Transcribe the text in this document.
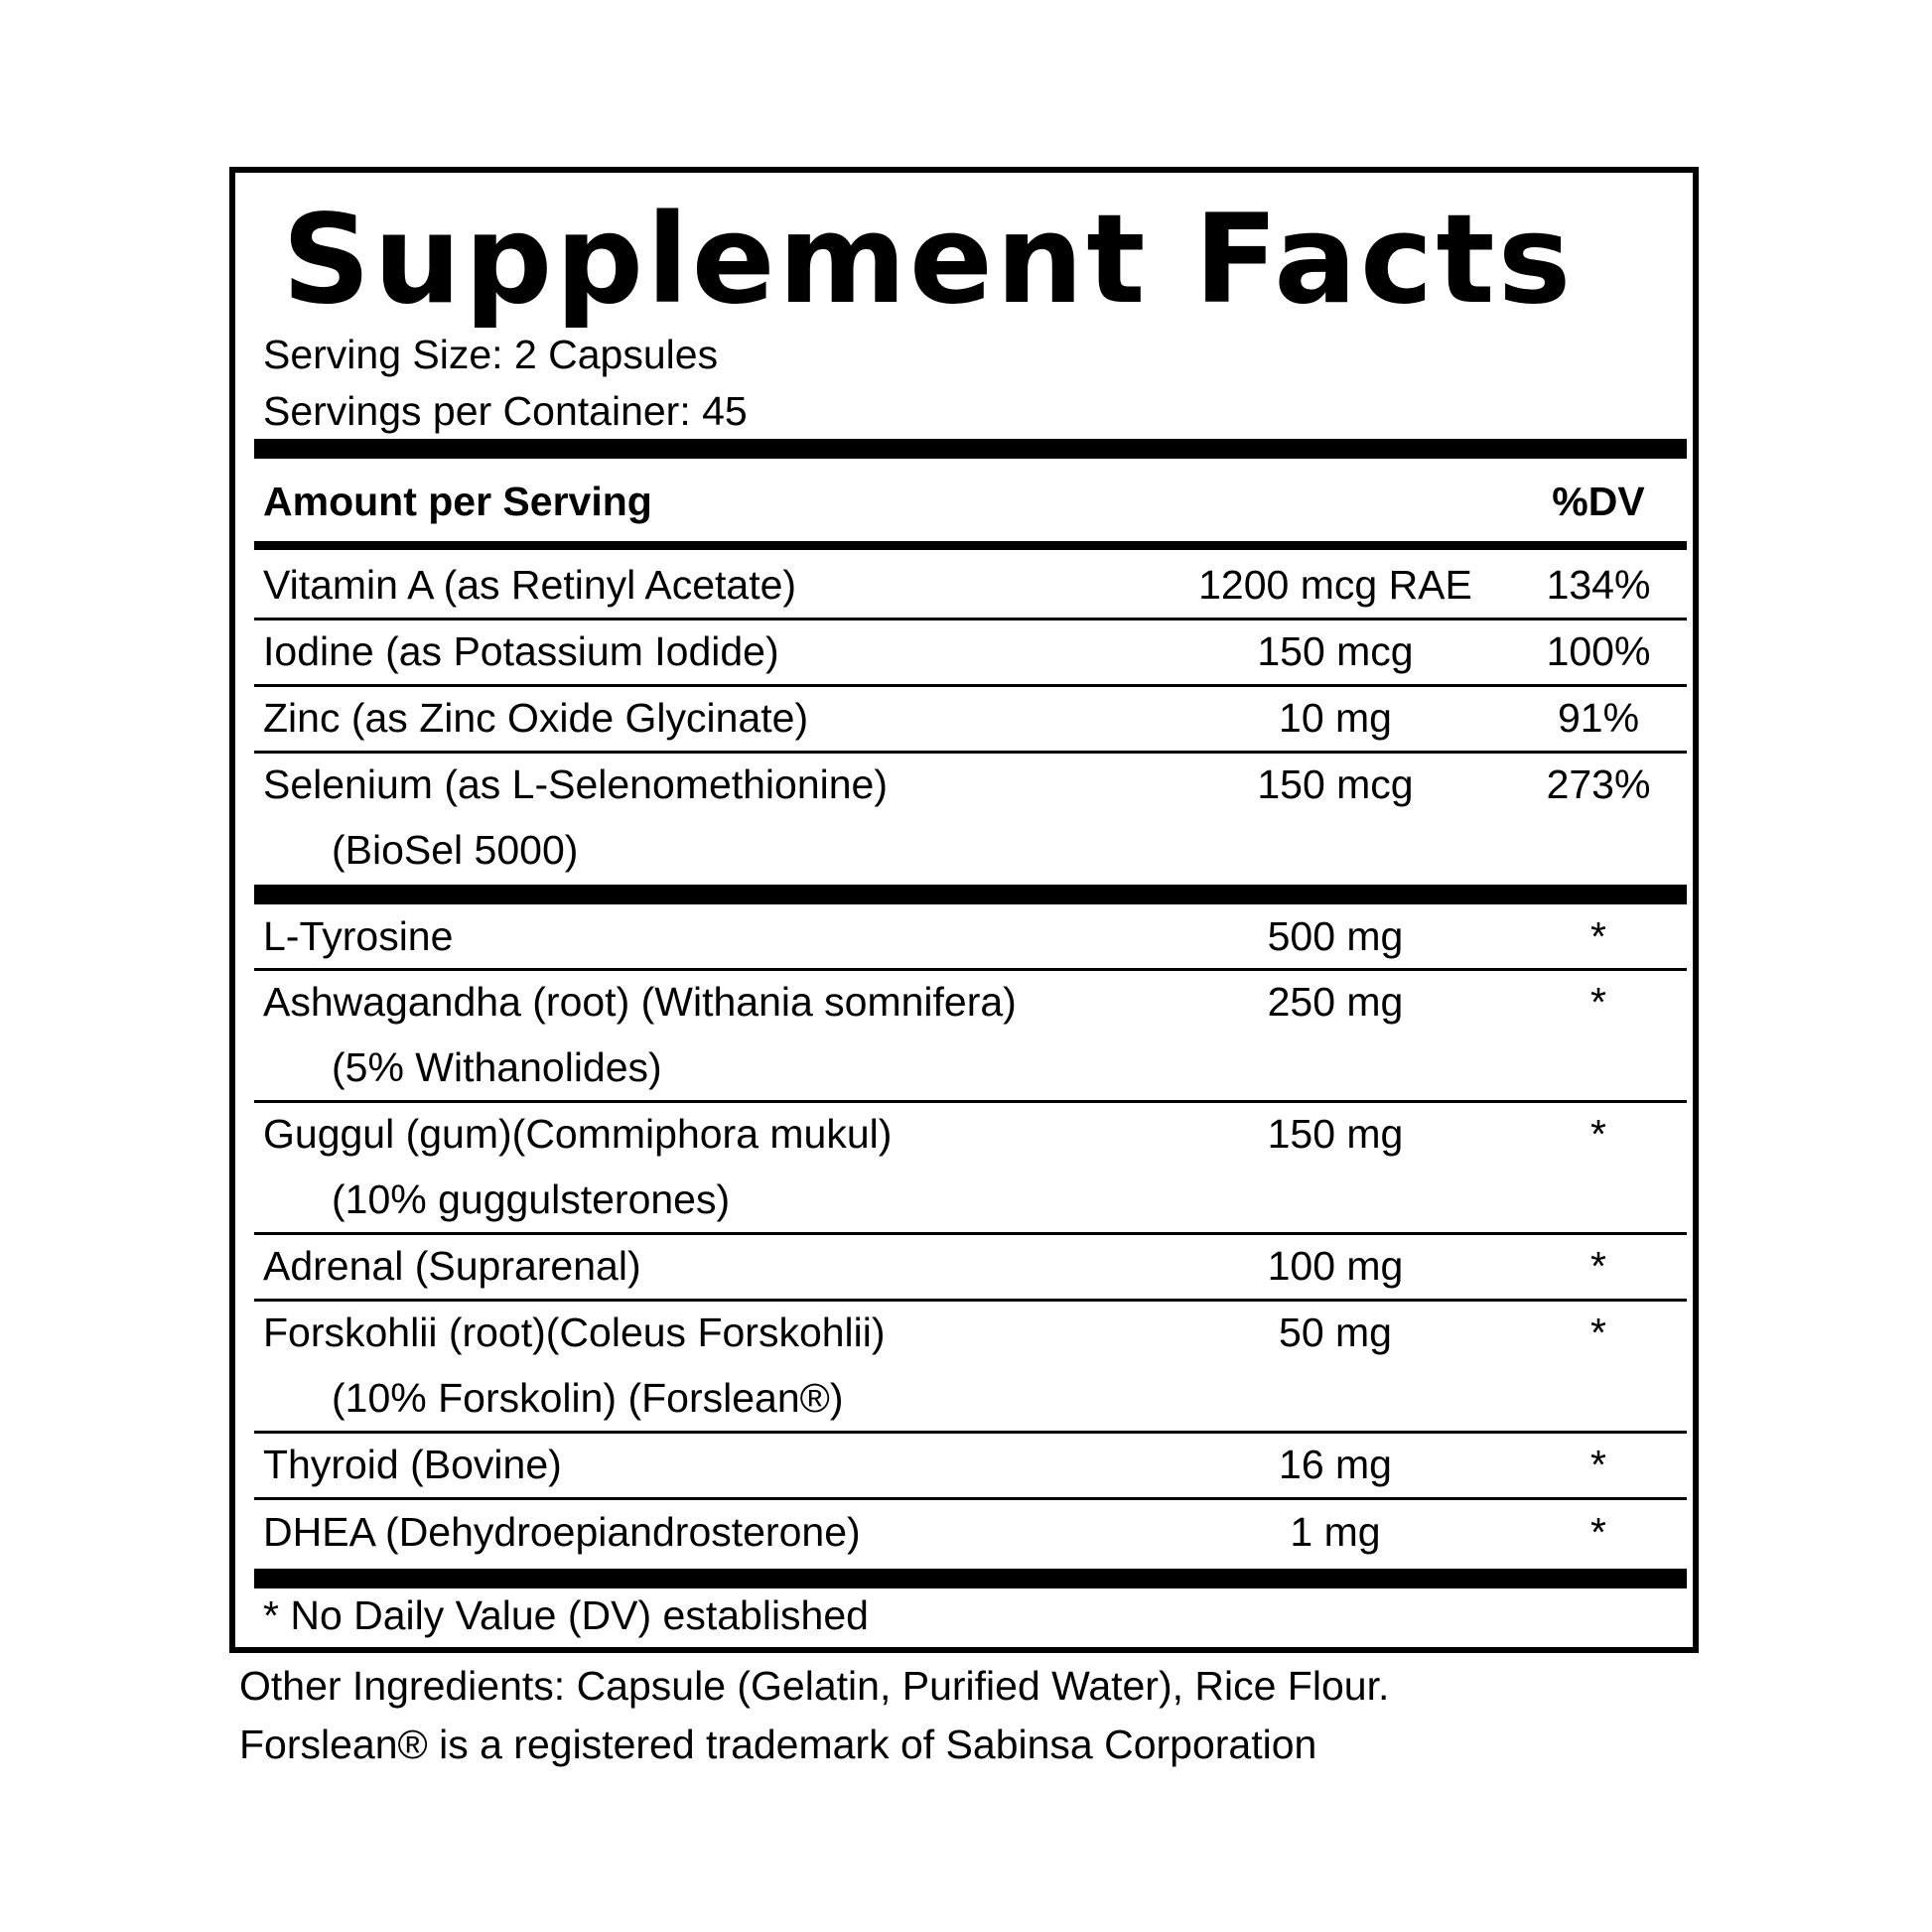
Supplement Facts
Serving Size: 2 Capsules
Servings per Container: 45
Amount per Serving	%DV
Vitamin A (as Retinyl Acetate)	1200 mcg RAE	134%
Iodine (as Potassium Iodide)	150 mcg	100%
Zinc (as Zinc Oxide Glycinate)	10 mg	91%
Selenium (as L-Selenomethionine)
(BioSel 5000)
150 mcg	273%
L-Tyrosine	500 mg	*
Ashwagandha (root) (Withania somnifera)
(5% Withanolides)
250 mg	*
Guggul (gum)(Commiphora mukul)
(10% guggulsterones)
150 mg	*
Adrenal (Suprarenal)	100 mg	*
Forskohlii (root)(Coleus Forskohlii)
(10% Forskolin) (Forslean®)
50 mg	*
Thyroid (Bovine)	16 mg	*
DHEA (Dehydroepiandrosterone)	1 mg	*
* No Daily Value (DV) established
Other Ingredients: Capsule (Gelatin, Purified Water), Rice Flour.
Forslean® is a registered trademark of Sabinsa Corporation
